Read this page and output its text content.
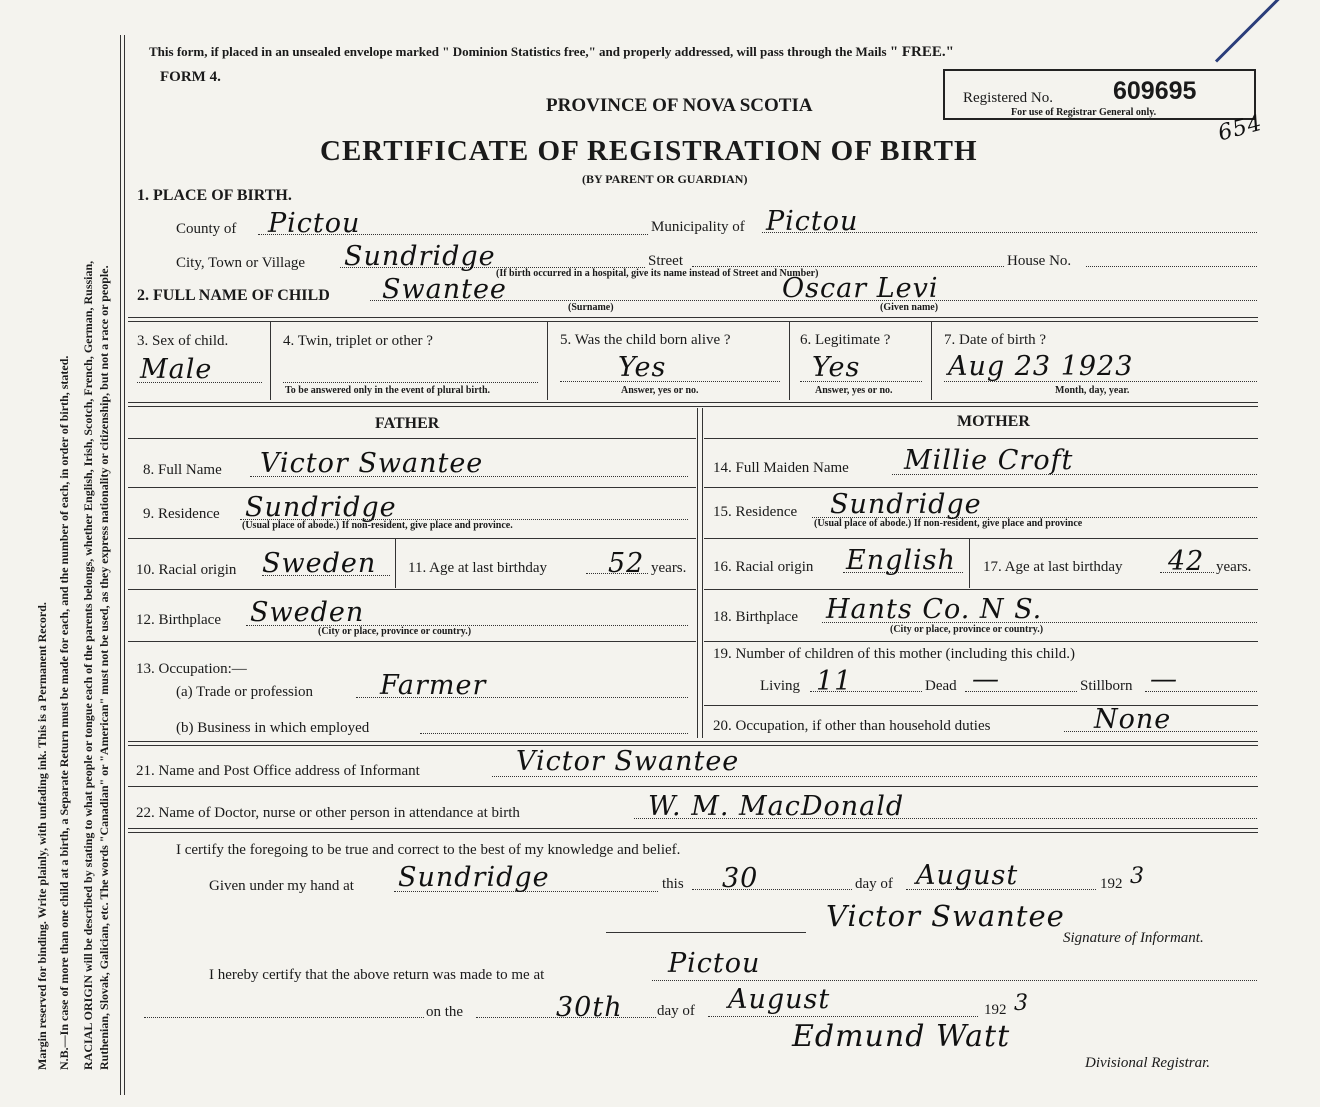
Margin reserved for binding. Write plainly, with unfading ink. This is a Permanent Record. N.B.—In case of more than one child at a birth, a Separate Return must be made for each, and the number of each, in order of birth, stated. RACIAL ORIGIN will be described by stating to what people or tongue each of the parents belongs, whether English, Irish, Scotch, French, German, Russian, Ruthenian, Slovak, Galician, etc. The words "Canadian" or "American" must not be used, as they express nationality or citizenship, but not a race or people.
This form, if placed in an unsealed envelope marked " Dominion Statistics free," and properly addressed, will pass through the Mails " FREE."
FORM 4.
PROVINCE OF NOVA SCOTIA
CERTIFICATE OF REGISTRATION OF BIRTH
(BY PARENT OR GUARDIAN)
Registered No. 609695
For use of Registrar General only.	654
1. PLACE OF BIRTH.
County of Pictou	Municipality of Pictou
City, Town or Village Sundridge
(If birth occurred in a hospital, give its name instead of Street and Number)
Street	House No.
2. FULL NAME OF CHILD Swantee	Oscar Levi
(Surname)	(Given name)
3. Sex of child.
Male
4. Twin, triplet or other ?
To be answered only in the event of plural birth.
5. Was the child born alive ?
Yes
Answer, yes or no.
6. Legitimate ?
Yes
Answer, yes or no.
7. Date of birth ?
Aug 23 1923
Month, day, year.
FATHER	MOTHER
8. Full Name Victor Swantee	14. Full Maiden Name Millie Croft
9. Residence Sundridge
(Usual place of abode.) If non-resident, give place and province.
15. Residence Sundridge
(Usual place of abode.) If non-resident, give place and province
10. Racial origin Sweden 11. Age at last birthday 52 years. 16. Racial origin English 17. Age at last birthday 42 years.
12. Birthplace Sweden
(City or place, province or country.)
18. Birthplace Hants Co. N S.
(City or place, province or country.)
13. Occupation:—
(a) Trade or profession Farmer
(b) Business in which employed
19. Number of children of this mother (including this child.)
Living 11	Dead —	Stillborn —
20. Occupation, if other than household duties	None
21. Name and Post Office address of Informant	Victor Swantee
22. Name of Doctor, nurse or other person in attendance at birth	W. M. MacDonald
I certify the foregoing to be true and correct to the best of my knowledge and belief.
Given under my hand at Sundridge	this 30	day of August	192 3
Victor Swantee
Signature of Informant.
I hereby certify that the above return was made to me at	Pictou
on the	30th day of August	192 3
Edmund Watt
Divisional Registrar.
